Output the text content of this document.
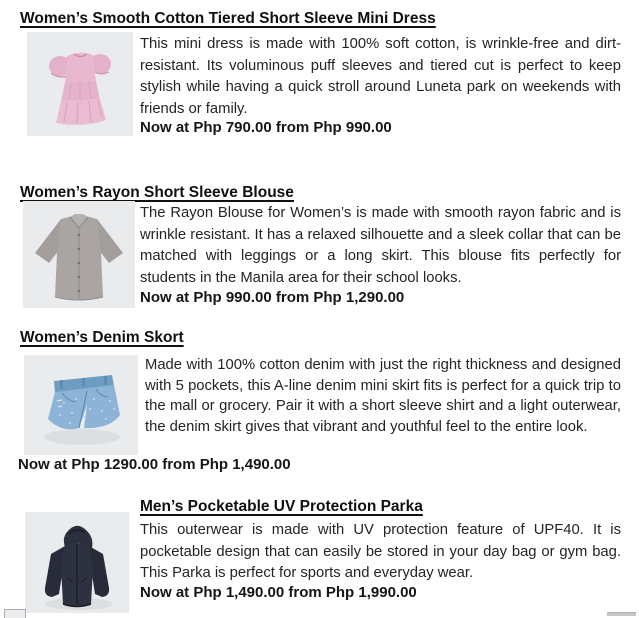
Women’s Smooth Cotton Tiered Short Sleeve Mini Dress

This mini dress is made with 100% soft cotton, is wrinkle-free and dirt-resistant. Its voluminous puff sleeves and tiered cut is perfect to keep stylish while having a quick stroll around Luneta park on weekends with friends or family.

Now at Php 790.00 from Php 990.00

Women’s Rayon Short Sleeve Blouse

The Rayon Blouse for Women’s is made with smooth rayon fabric and is wrinkle resistant. It has a relaxed silhouette and a sleek collar that can be matched with leggings or a long skirt. This blouse fits perfectly for students in the Manila area for their school looks.

Now at Php 990.00 from Php 1,290.00

Women’s Denim Skort

Made with 100% cotton denim with just the right thickness and designed with 5 pockets, this A-line denim mini skirt fits is perfect for a quick trip to the mall or grocery. Pair it with a short sleeve shirt and a light outerwear, the denim skirt gives that vibrant and youthful feel to the entire look.

Now at Php 1290.00 from Php 1,490.00

Men’s Pocketable UV Protection Parka

This outerwear is made with UV protection feature of UPF40. It is pocketable design that can easily be stored in your day bag or gym bag. This Parka is perfect for sports and everyday wear.

Now at Php 1,490.00 from Php 1,990.00
